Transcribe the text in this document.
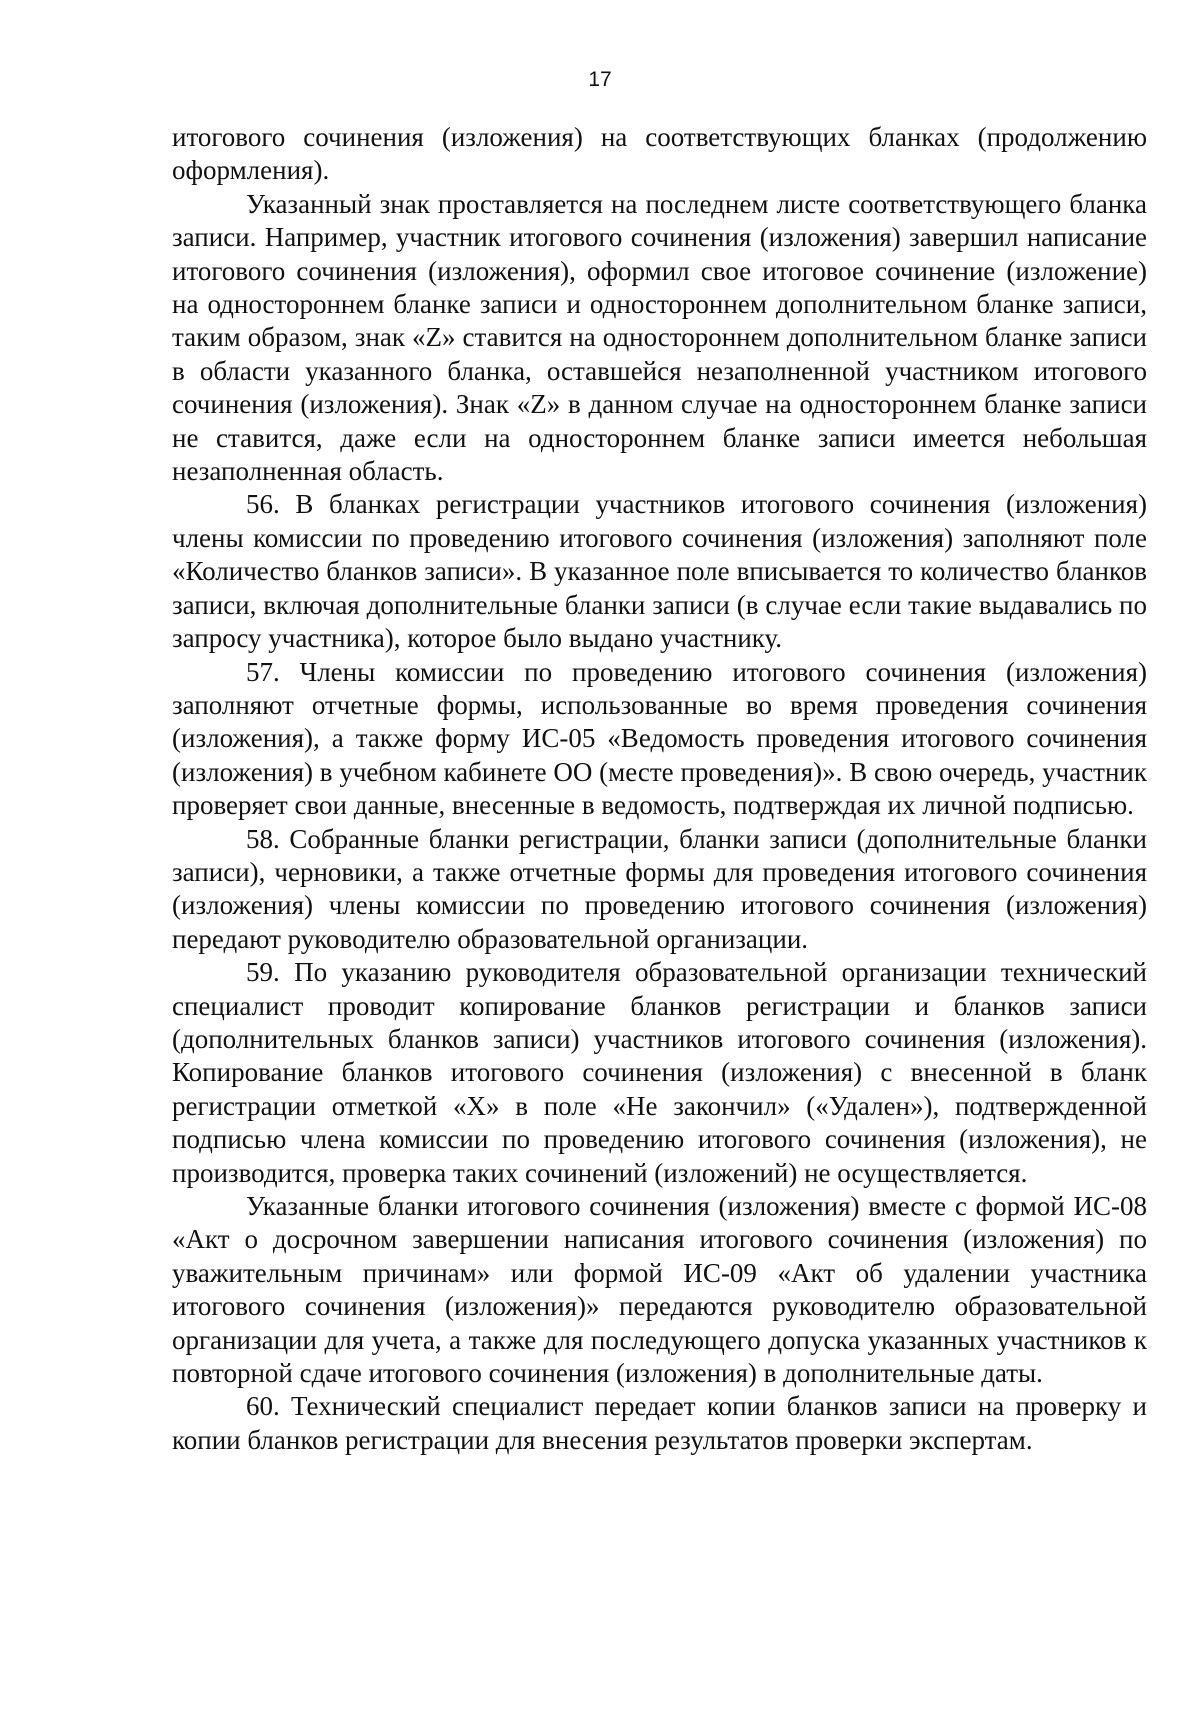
17

итогового сочинения (изложения) на соответствующих бланках (продолжению оформления).

Указанный знак проставляется на последнем листе соответствующего бланка записи. Например, участник итогового сочинения (изложения) завершил написание итогового сочинения (изложения), оформил свое итоговое сочинение (изложение) на одностороннем бланке записи и одностороннем дополнительном бланке записи, таким образом, знак «Z» ставится на одностороннем дополнительном бланке записи в области указанного бланка, оставшейся незаполненной участником итогового сочинения (изложения). Знак «Z» в данном случае на одностороннем бланке записи не ставится, даже если на одностороннем бланке записи имеется небольшая незаполненная область.

56. В бланках регистрации участников итогового сочинения (изложения) члены комиссии по проведению итогового сочинения (изложения) заполняют поле «Количество бланков записи». В указанное поле вписывается то количество бланков записи, включая дополнительные бланки записи (в случае если такие выдавались по запросу участника), которое было выдано участнику.

57. Члены комиссии по проведению итогового сочинения (изложения) заполняют отчетные формы, использованные во время проведения сочинения (изложения), а также форму ИС-05 «Ведомость проведения итогового сочинения (изложения) в учебном кабинете ОО (месте проведения)». В свою очередь, участник проверяет свои данные, внесенные в ведомость, подтверждая их личной подписью.

58. Собранные бланки регистрации, бланки записи (дополнительные бланки записи), черновики, а также отчетные формы для проведения итогового сочинения (изложения) члены комиссии по проведению итогового сочинения (изложения) передают руководителю образовательной организации.

59. По указанию руководителя образовательной организации технический специалист проводит копирование бланков регистрации и бланков записи (дополнительных бланков записи) участников итогового сочинения (изложения). Копирование бланков итогового сочинения (изложения) с внесенной в бланк регистрации отметкой «X» в поле «Не закончил» («Удален»), подтвержденной подписью члена комиссии по проведению итогового сочинения (изложения), не производится, проверка таких сочинений (изложений) не осуществляется.

Указанные бланки итогового сочинения (изложения) вместе с формой ИС-08 «Акт о досрочном завершении написания итогового сочинения (изложения) по уважительным причинам» или формой ИС-09 «Акт об удалении участника итогового сочинения (изложения)» передаются руководителю образовательной организации для учета, а также для последующего допуска указанных участников к повторной сдаче итогового сочинения (изложения) в дополнительные даты.

60. Технический специалист передает копии бланков записи на проверку и копии бланков регистрации для внесения результатов проверки экспертам.
